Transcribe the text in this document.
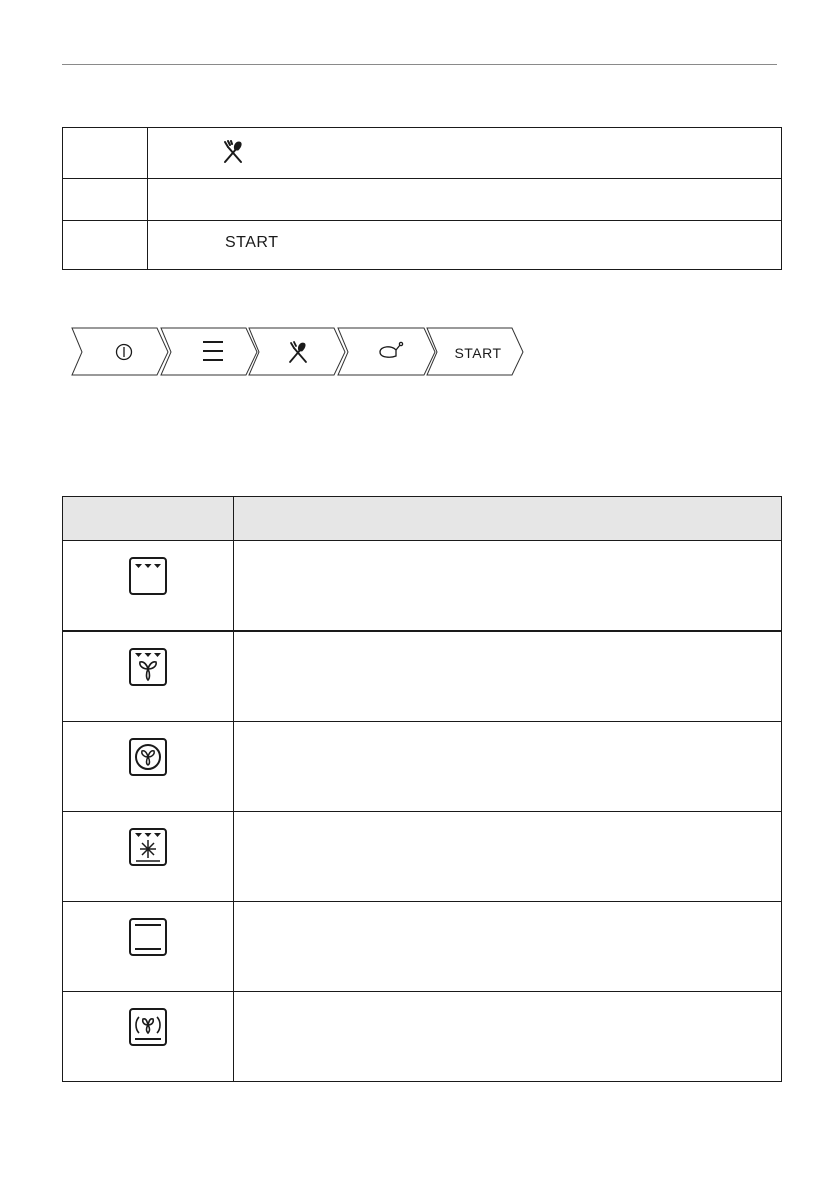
	START
START
